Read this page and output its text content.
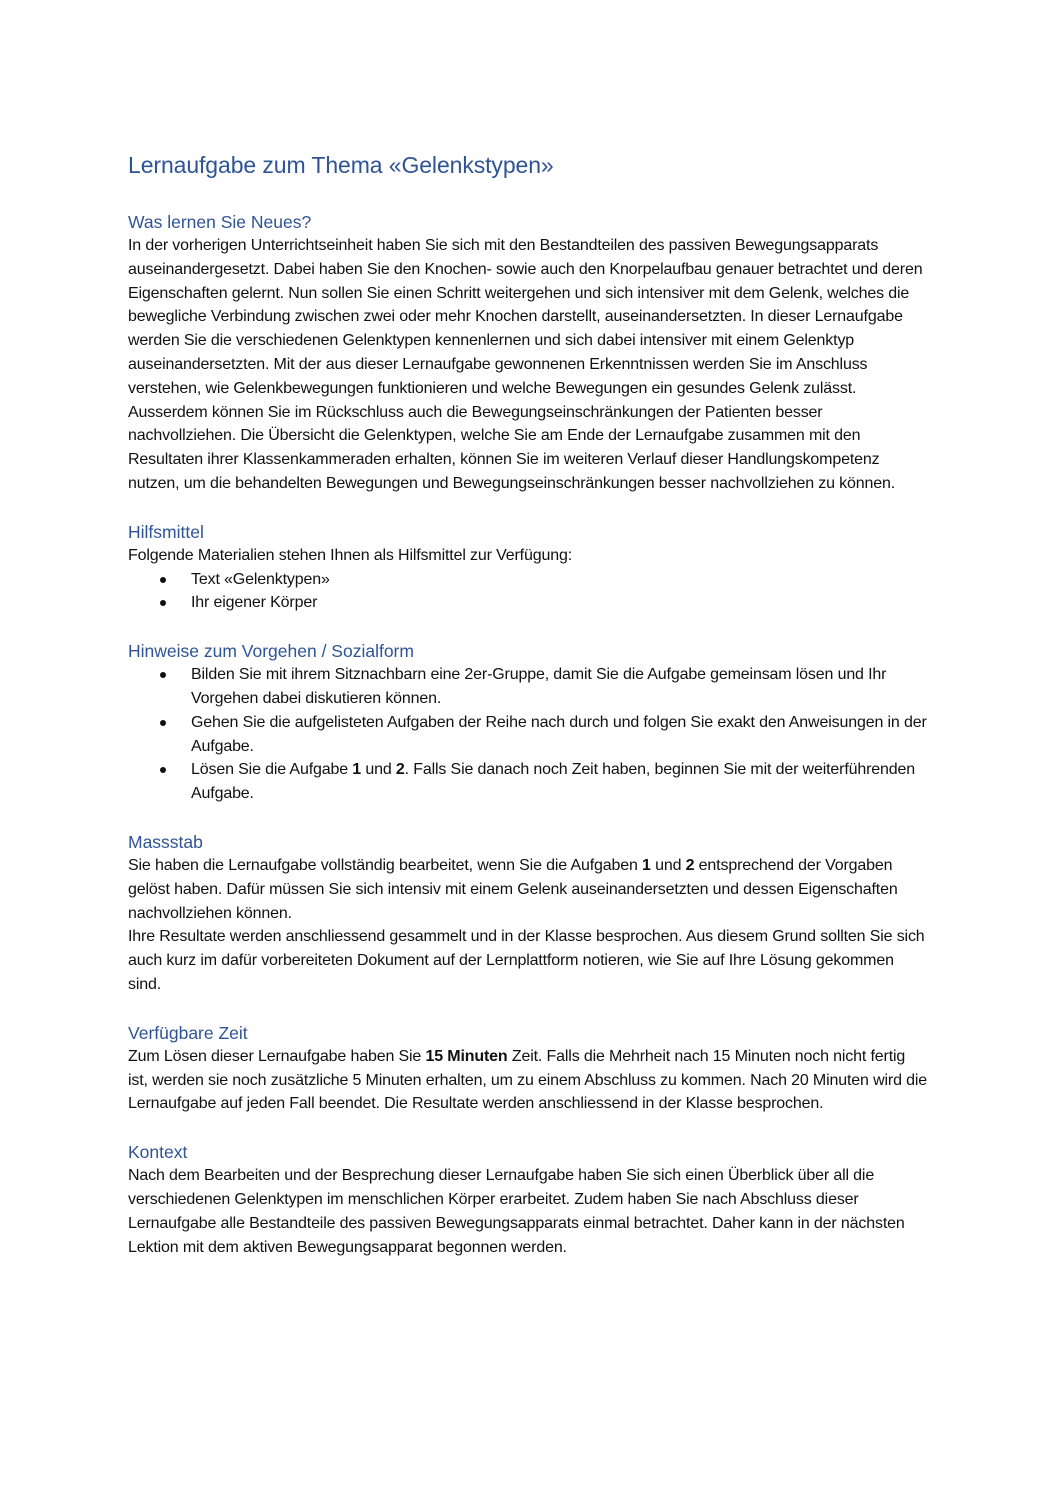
Lernaufgabe zum Thema «Gelenkstypen»
Was lernen Sie Neues?

In der vorherigen Unterrichtseinheit haben Sie sich mit den Bestandteilen des passiven Bewegungsapparats auseinandergesetzt. Dabei haben Sie den Knochen- sowie auch den Knorpelaufbau genauer betrachtet und deren Eigenschaften gelernt. Nun sollen Sie einen Schritt weitergehen und sich intensiver mit dem Gelenk, welches die bewegliche Verbindung zwischen zwei oder mehr Knochen darstellt, auseinandersetzten. In dieser Lernaufgabe werden Sie die verschiedenen Gelenktypen kennenlernen und sich dabei intensiver mit einem Gelenktyp auseinandersetzten. Mit der aus dieser Lernaufgabe gewonnenen Erkenntnissen werden Sie im Anschluss verstehen, wie Gelenkbewegungen funktionieren und welche Bewegungen ein gesundes Gelenk zulässt. Ausserdem können Sie im Rückschluss auch die Bewegungseinschränkungen der Patienten besser nachvollziehen. Die Übersicht die Gelenktypen, welche Sie am Ende der Lernaufgabe zusammen mit den Resultaten ihrer Klassenkammeraden erhalten, können Sie im weiteren Verlauf dieser Handlungskompetenz nutzen, um die behandelten Bewegungen und Bewegungseinschränkungen besser nachvollziehen zu können.

Hilfsmittel

Folgende Materialien stehen Ihnen als Hilfsmittel zur Verfügung:

Text «Gelenktypen»
Ihr eigener Körper
Hinweise zum Vorgehen / Sozialform
Bilden Sie mit ihrem Sitznachbarn eine 2er-Gruppe, damit Sie die Aufgabe gemeinsam lösen und Ihr Vorgehen dabei diskutieren können.
Gehen Sie die aufgelisteten Aufgaben der Reihe nach durch und folgen Sie exakt den Anweisungen in der Aufgabe.
Lösen Sie die Aufgabe 1 und 2. Falls Sie danach noch Zeit haben, beginnen Sie mit der weiterführenden Aufgabe.
Massstab

Sie haben die Lernaufgabe vollständig bearbeitet, wenn Sie die Aufgaben 1 und 2 entsprechend der Vorgaben gelöst haben. Dafür müssen Sie sich intensiv mit einem Gelenk auseinandersetzten und dessen Eigenschaften nachvollziehen können.

Ihre Resultate werden anschliessend gesammelt und in der Klasse besprochen. Aus diesem Grund sollten Sie sich auch kurz im dafür vorbereiteten Dokument auf der Lernplattform notieren, wie Sie auf Ihre Lösung gekommen sind.

Verfügbare Zeit

Zum Lösen dieser Lernaufgabe haben Sie 15 Minuten Zeit. Falls die Mehrheit nach 15 Minuten noch nicht fertig ist, werden sie noch zusätzliche 5 Minuten erhalten, um zu einem Abschluss zu kommen. Nach 20 Minuten wird die Lernaufgabe auf jeden Fall beendet. Die Resultate werden anschliessend in der Klasse besprochen.

Kontext

Nach dem Bearbeiten und der Besprechung dieser Lernaufgabe haben Sie sich einen Überblick über all die verschiedenen Gelenktypen im menschlichen Körper erarbeitet. Zudem haben Sie nach Abschluss dieser Lernaufgabe alle Bestandteile des passiven Bewegungsapparats einmal betrachtet. Daher kann in der nächsten Lektion mit dem aktiven Bewegungsapparat begonnen werden.
